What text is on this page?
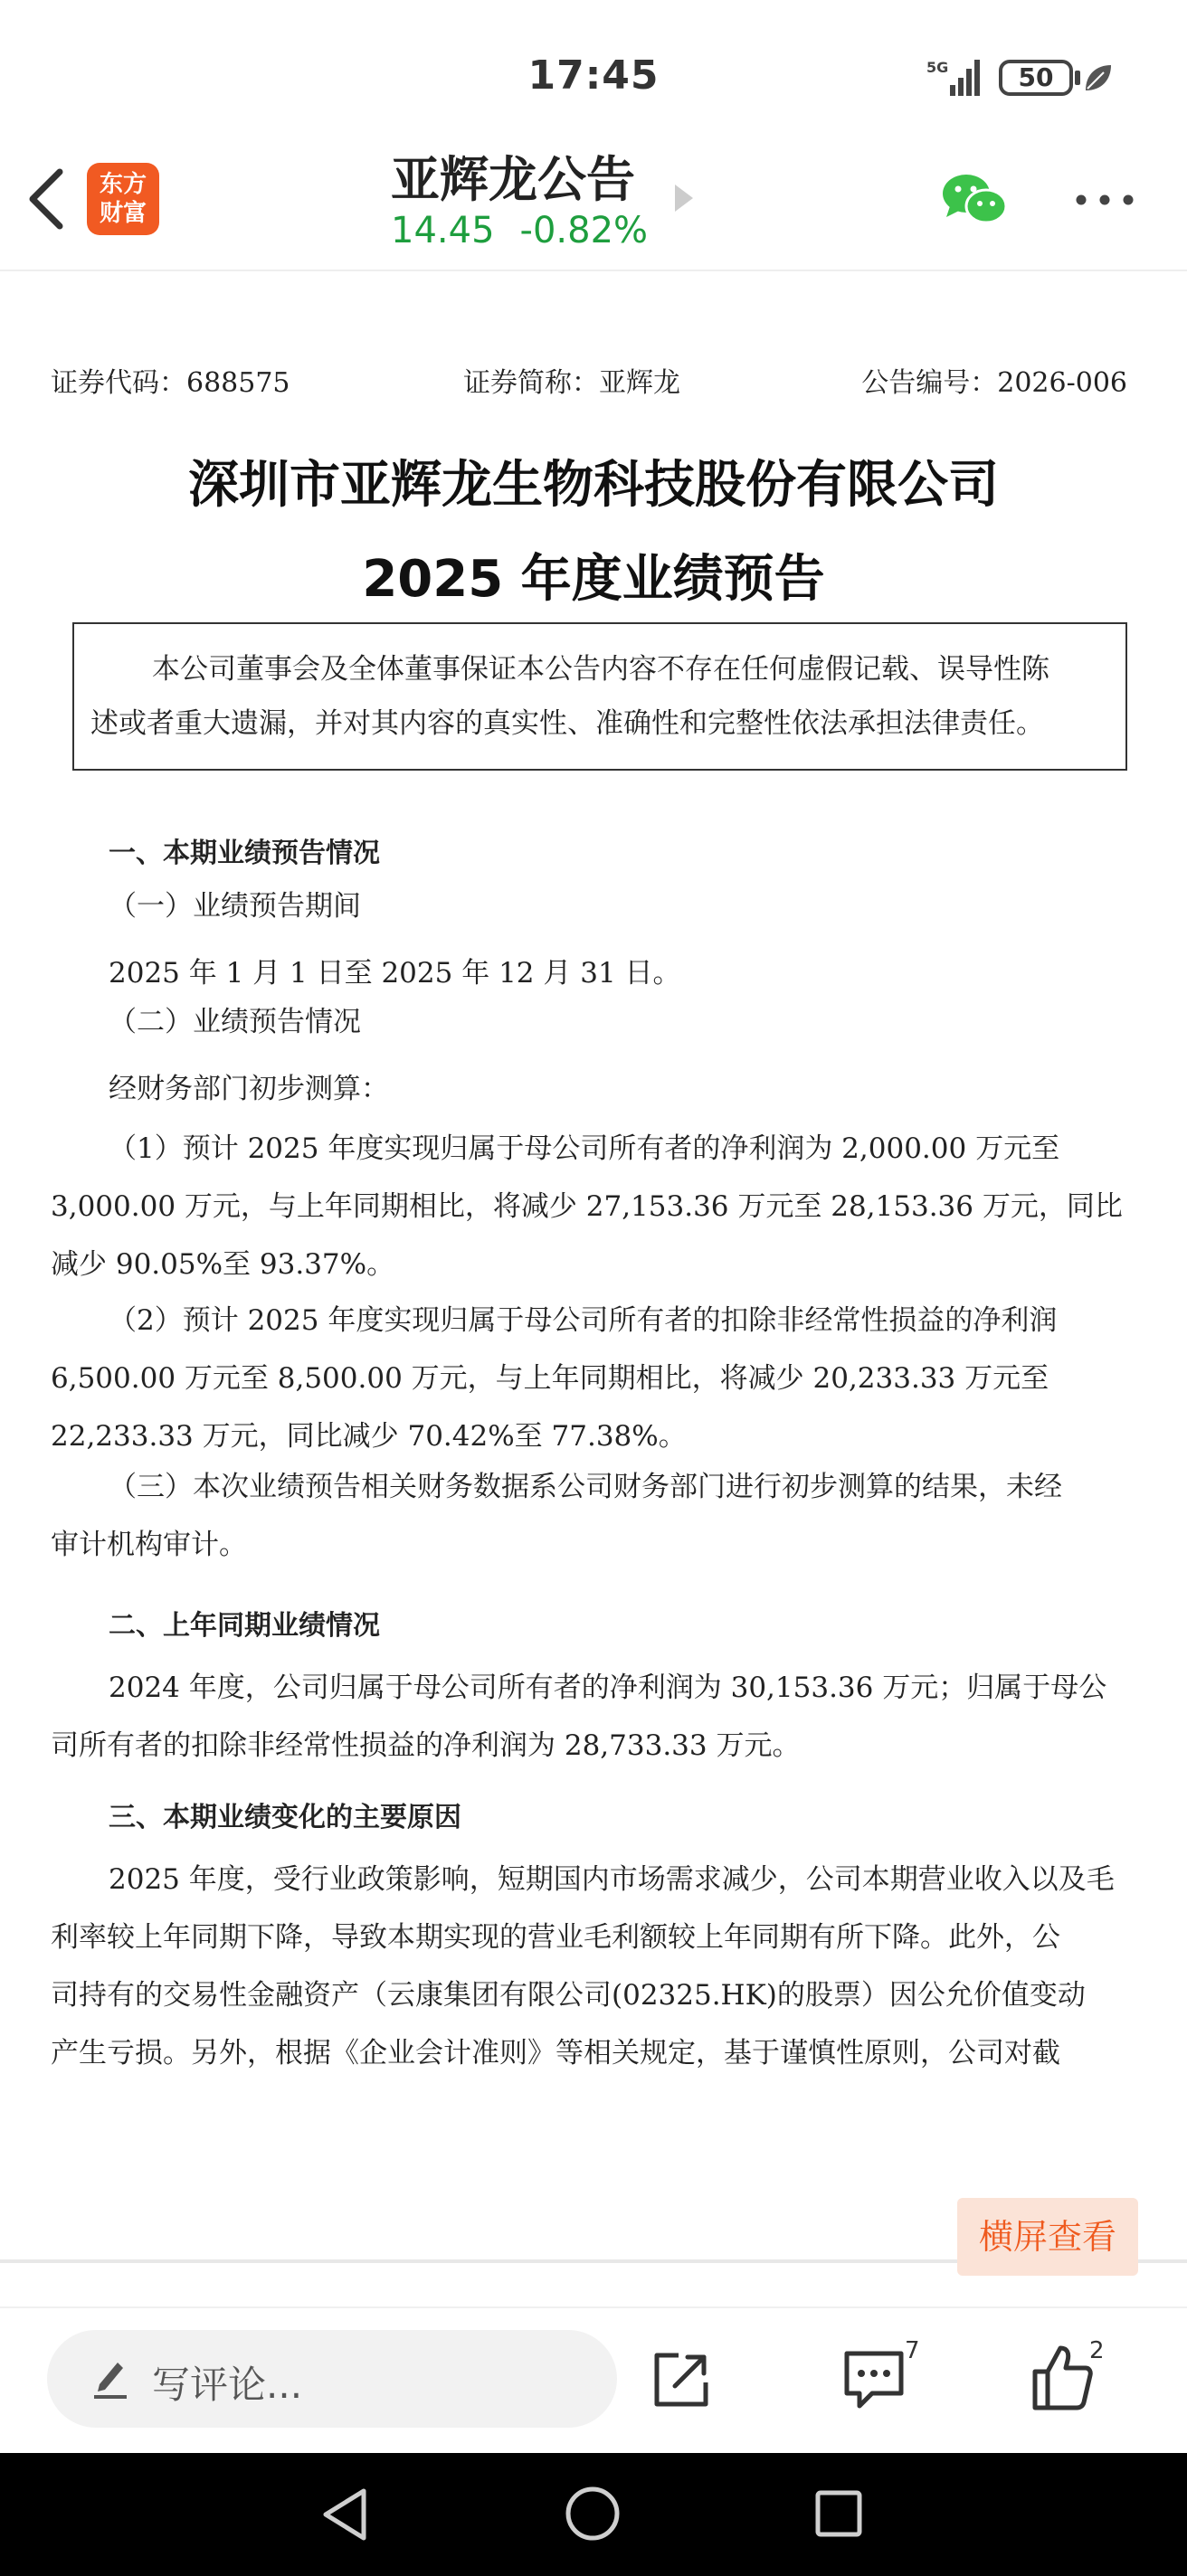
17:45	5G	50
东方
财富
亚辉龙公告
14.45 -0.82%
证券代码：688575	证券简称：亚辉龙	公告编号：2026-006
深圳市亚辉龙生物科技股份有限公司
2025 年度业绩预告
本公司董事会及全体董事保证本公告内容不存在任何虚假记载、误导性陈
述或者重大遗漏，并对其内容的真实性、准确性和完整性依法承担法律责任。
一、本期业绩预告情况
（一）业绩预告期间
2025 年 1 月 1 日至 2025 年 12 月 31 日。
（二）业绩预告情况
经财务部门初步测算：
（1）预计 2025 年度实现归属于母公司所有者的净利润为 2,000.00 万元至
3,000.00 万元，与上年同期相比，将减少 27,153.36 万元至 28,153.36 万元，同比
减少 90.05%至 93.37%。
（2）预计 2025 年度实现归属于母公司所有者的扣除非经常性损益的净利润
6,500.00 万元至 8,500.00 万元，与上年同期相比，将减少 20,233.33 万元至
22,233.33 万元，同比减少 70.42%至 77.38%。
（三）本次业绩预告相关财务数据系公司财务部门进行初步测算的结果，未经
审计机构审计。
二、上年同期业绩情况
2024 年度，公司归属于母公司所有者的净利润为 30,153.36 万元；归属于母公
司所有者的扣除非经常性损益的净利润为 28,733.33 万元。
三、本期业绩变化的主要原因
2025 年度，受行业政策影响，短期国内市场需求减少，公司本期营业收入以及毛
利率较上年同期下降，导致本期实现的营业毛利额较上年同期有所下降。此外，公
司持有的交易性金融资产（云康集团有限公司(02325.HK)的股票）因公允价值变动
产生亏损。另外，根据《企业会计准则》等相关规定，基于谨慎性原则，公司对截
横屏查看
写评论...
7	2
